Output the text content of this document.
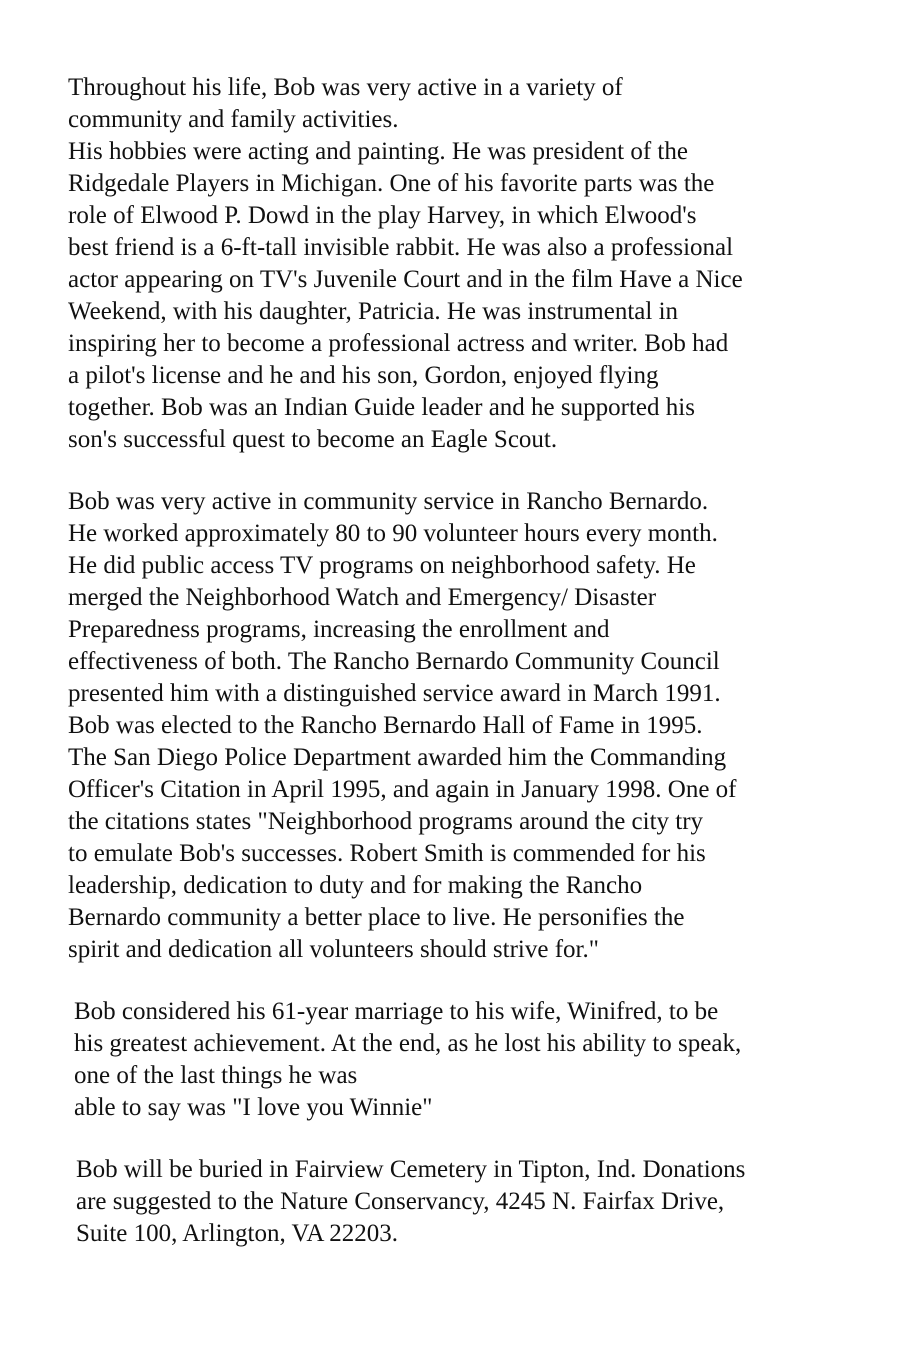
Throughout his life, Bob was very active in a variety of
community and family activities.
His hobbies were acting and painting. He was president of the
Ridgedale Players in Michigan. One of his favorite parts was the
role of Elwood P. Dowd in the play Harvey, in which Elwood's
best friend is a 6-ft-tall invisible rabbit. He was also a professional
actor appearing on TV's Juvenile Court and in the film Have a Nice
Weekend, with his daughter, Patricia. He was instrumental in
inspiring her to become a professional actress and writer. Bob had
a pilot's license and he and his son, Gordon, enjoyed flying
together. Bob was an Indian Guide leader and he supported his
son's successful quest to become an Eagle Scout.
Bob was very active in community service in Rancho Bernardo.
He worked approximately 80 to 90 volunteer hours every month.
He did public access TV programs on neighborhood safety. He
merged the Neighborhood Watch and Emergency/ Disaster
Preparedness programs, increasing the enrollment and
effectiveness of both. The Rancho Bernardo Community Council
presented him with a distinguished service award in March 1991.
Bob was elected to the Rancho Bernardo Hall of Fame in 1995.
The San Diego Police Department awarded him the Commanding
Officer's Citation in April 1995, and again in January 1998. One of
the citations states "Neighborhood programs around the city try
to emulate Bob's successes. Robert Smith is commended for his
leadership, dedication to duty and for making the Rancho
Bernardo community a better place to live. He personifies the
spirit and dedication all volunteers should strive for."
Bob considered his 61-year marriage to his wife, Winifred, to be
his greatest achievement. At the end, as he lost his ability to speak,
one of the last things he was
able to say was "I love you Winnie"
Bob will be buried in Fairview Cemetery in Tipton, Ind. Donations
are suggested to the Nature Conservancy, 4245 N. Fairfax Drive,
Suite 100, Arlington, VA 22203.
